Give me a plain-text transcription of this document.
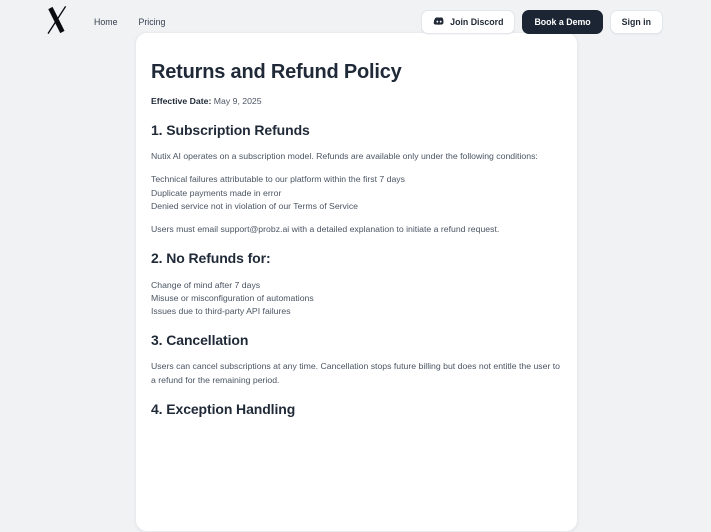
Home Pricing	Join Discord	Book a Demo	Sign in
Returns and Refund Policy

Effective Date: May 9, 2025

1. Subscription Refunds

Nutix AI operates on a subscription model. Refunds are available only under the following conditions:

Technical failures attributable to our platform within the first 7 days
Duplicate payments made in error
Denied service not in violation of our Terms of Service

Users must email support@probz.ai with a detailed explanation to initiate a refund request.

2. No Refunds for:
Change of mind after 7 days
Misuse or misconfiguration of automations
Issues due to third-party API failures
3. Cancellation

Users can cancel subscriptions at any time. Cancellation stops future billing but does not entitle the user to a refund for the remaining period.

4. Exception Handling
